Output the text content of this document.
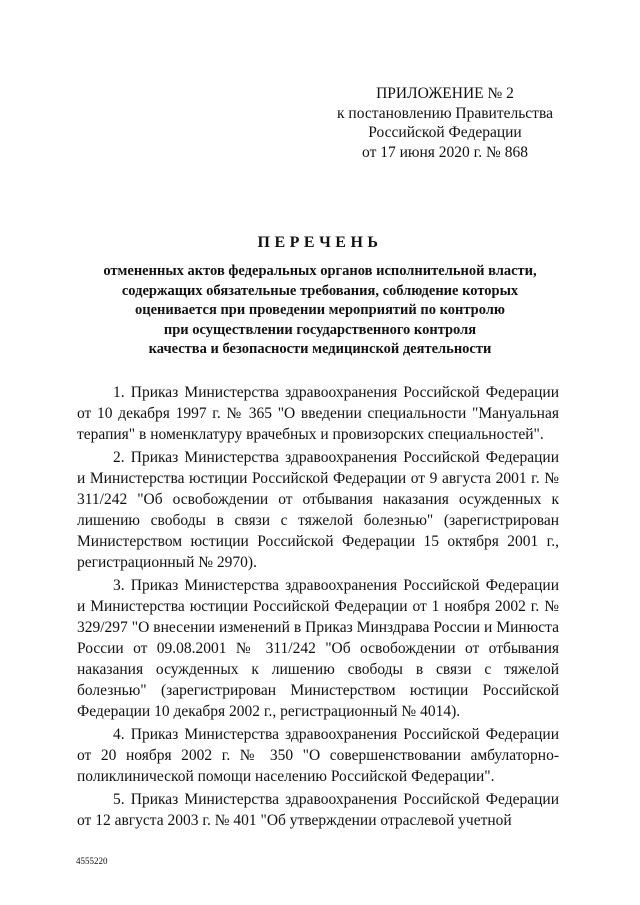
ПРИЛОЖЕНИЕ № 2
к постановлению Правительства
Российской Федерации
от 17 июня 2020 г. № 868
ПЕРЕЧЕНЬ
отмененных актов федеральных органов исполнительной власти,
содержащих обязательные требования, соблюдение которых
оценивается при проведении мероприятий по контролю
при осуществлении государственного контроля
качества и безопасности медицинской деятельности

1. Приказ Министерства здравоохранения Российской Федерации от 10 декабря 1997 г. № 365 "О введении специальности "Мануальная терапия" в номенклатуру врачебных и провизорских специальностей".

2. Приказ Министерства здравоохранения Российской Федерации и Министерства юстиции Российской Федерации от 9 августа 2001 г. № 311/242 "Об освобождении от отбывания наказания осужденных к лишению свободы в связи с тяжелой болезнью" (зарегистрирован Министерством юстиции Российской Федерации 15 октября 2001 г., регистрационный № 2970).

3. Приказ Министерства здравоохранения Российской Федерации и Министерства юстиции Российской Федерации от 1 ноября 2002 г. № 329/297 "О внесении изменений в Приказ Минздрава России и Минюста России от 09.08.2001 № 311/242 "Об освобождении от отбывания наказания осужденных к лишению свободы в связи с тяжелой болезнью" (зарегистрирован Министерством юстиции Российской Федерации 10 декабря 2002 г., регистрационный № 4014).

4. Приказ Министерства здравоохранения Российской Федерации от 20 ноября 2002 г. № 350 "О совершенствовании амбулаторно-поликлинической помощи населению Российской Федерации".

5. Приказ Министерства здравоохранения Российской Федерации от 12 августа 2003 г. № 401 "Об утверждении отраслевой учетной

4555220
